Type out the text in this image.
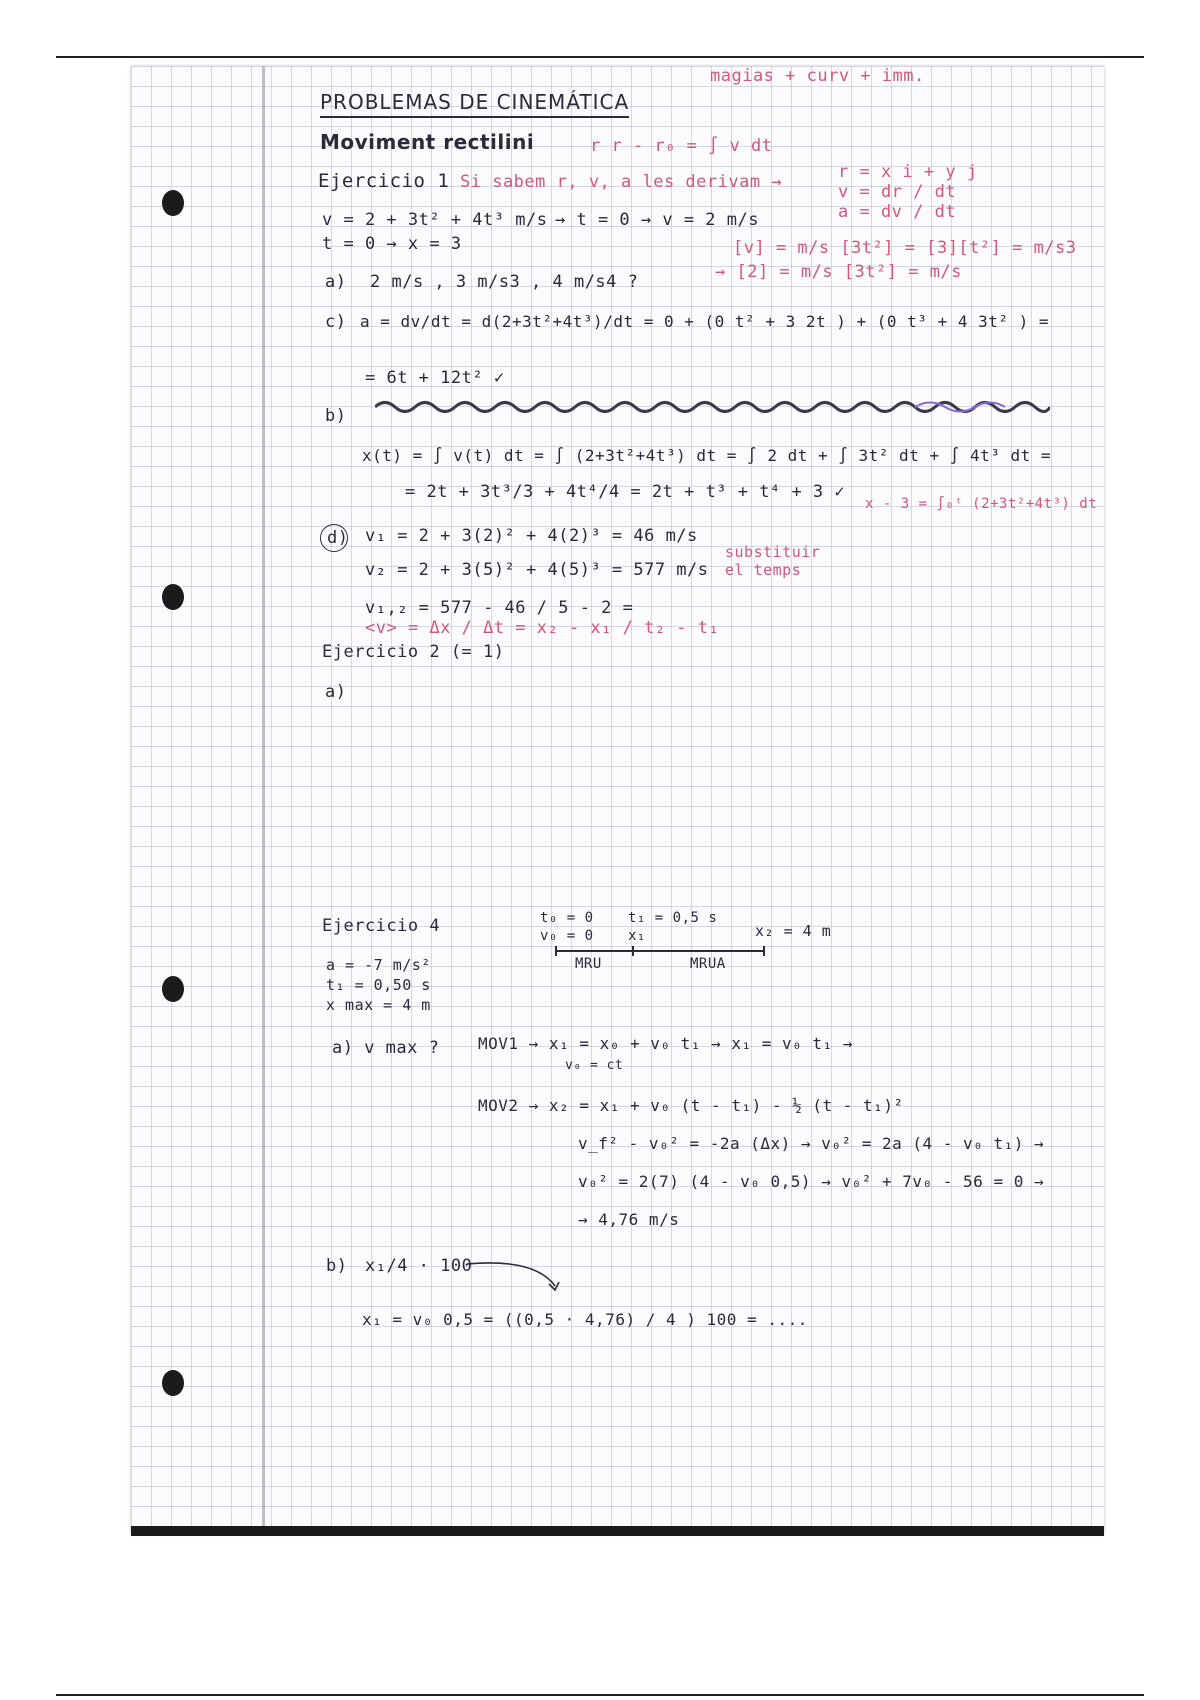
magias + curv + imm.
PROBLEMAS DE CINEMÁTICA
Moviment rectilini	r r - r₀ = ∫ v dt
Ejercicio 1 Si sabem r, v, a les derivam →	r = x i + y j
v = dr / dt
a = dv / dt
v = 2 + 3t² + 4t³ m/s → t = 0 → v = 2 m/s
t = 0 → x = 3	[v] = m/s [3t²] = [3][t²] = m/s3
→ [2] = m/s [3t²] = m/s
a) 2 m/s , 3 m/s3 , 4 m/s4 ?
c) a = dv/dt = d(2+3t²+4t³)/dt = 0 + (0 t² + 3 2t ) + (0 t³ + 4 3t² ) =
= 6t + 12t² ✓
b)
x(t) = ∫ v(t) dt = ∫ (2+3t²+4t³) dt = ∫ 2 dt + ∫ 3t² dt + ∫ 4t³ dt =
= 2t + 3t³/3 + 4t⁴/4 = 2t + t³ + t⁴ + 3 ✓
x - 3 = ∫₀ᵗ (2+3t²+4t³) dt
d) v₁ = 2 + 3(2)² + 4(2)³ = 46 m/s
v₂ = 2 + 3(5)² + 4(5)³ = 577 m/s
substituir el temps
v₁,₂ = 577 - 46 / 5 - 2 =
<v> = Δx / Δt = x₂ - x₁ / t₂ - t₁
Ejercicio 2 (= 1)
a)
Ejercicio 4	t₀ = 0
v₀ = 0
t₁ = 0,5 s
x₁	x₂ = 4 m
MRU	MRUA
a = -7 m/s²
t₁ = 0,50 s
x max = 4 m
a) v max ? MOV1 → x₁ = x₀ + v₀ t₁ → x₁ = v₀ t₁ →
v₀ = ct
MOV2 → x₂ = x₁ + v₀ (t - t₁) - ½ (t - t₁)²
v_f² - v₀² = -2a (Δx) → v₀² = 2a (4 - v₀ t₁) →
v₀² = 2(7) (4 - v₀ 0,5) → v₀² + 7v₀ - 56 = 0 →
→ 4,76 m/s
b) x₁/4 · 100
x₁ = v₀ 0,5 = ((0,5 · 4,76) / 4 ) 100 = ....
